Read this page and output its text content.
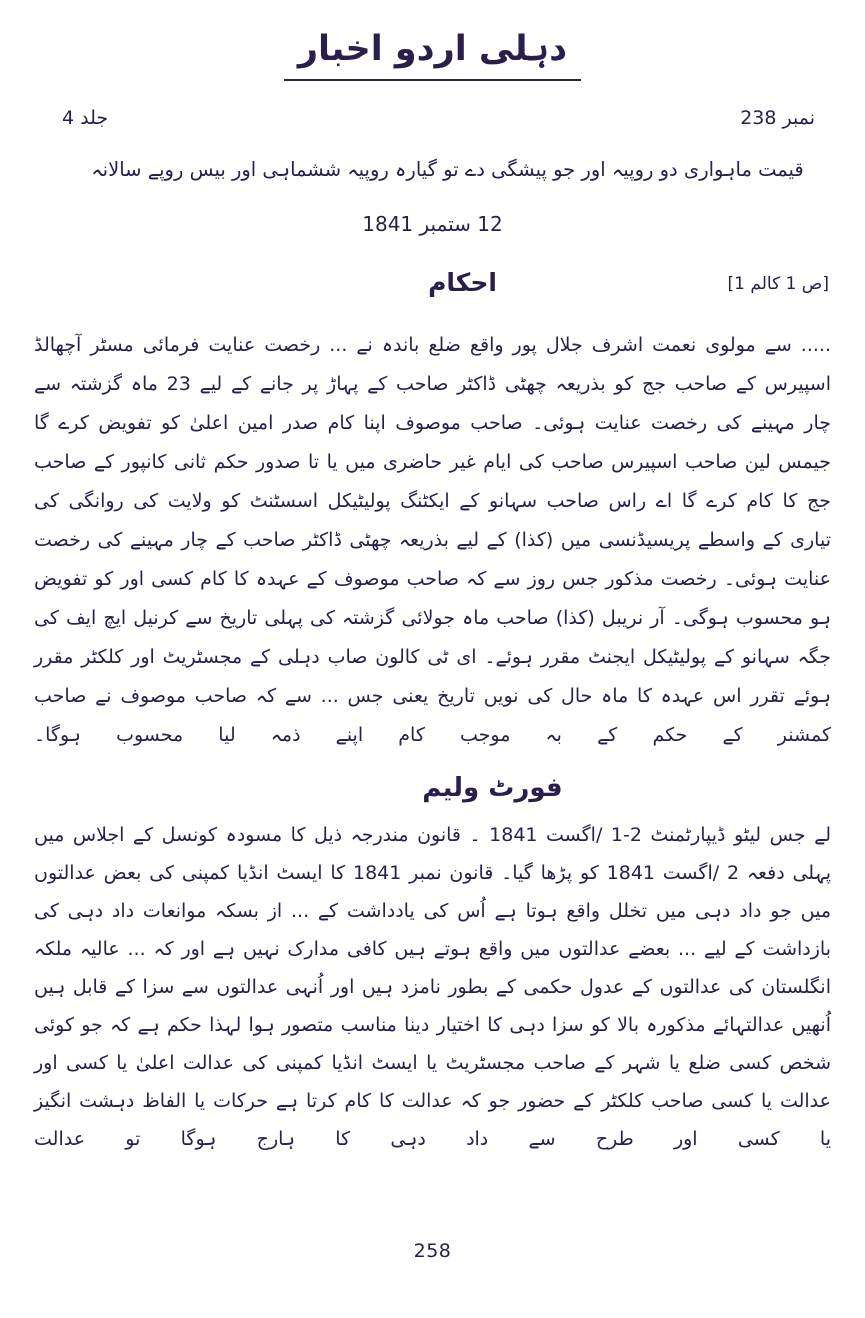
دہلی اردو اخبار
جلد 4	نمبر 238
قیمت ماہواری دو روپیہ اور جو پیشگی دے تو گیارہ روپیہ ششماہی اور بیس روپے سالانہ
12 ستمبر 1841
احکام	[ص 1 کالم 1]
..... سے مولوی نعمت اشرف جلال پور واقع ضلع باندہ نے ... رخصت عنایت فرمائی مسٹر آچھالڈ اسپیرس کے صاحب جج کو بذریعہ چھٹی ڈاکٹر صاحب کے پہاڑ پر جانے کے لیے 23 ماہ گزشتہ سے چار مہینے کی رخصت عنایت ہوئی۔ صاحب موصوف اپنا کام صدر امین اعلیٰ کو تفویض کرے گا جیمس لین صاحب اسپیرس صاحب کی ایام غیر حاضری میں یا تا صدور حکم ثانی کانپور کے صاحب جج کا کام کرے گا اے راس صاحب سہانو کے ایکٹنگ پولیٹیکل اسسٹنٹ کو ولایت کی روانگی کی تیاری کے واسطے پریسیڈنسی میں (کذا) کے لیے بذریعہ چھٹی ڈاکٹر صاحب کے چار مہینے کی رخصت عنایت ہوئی۔ رخصت مذکور جس روز سے کہ صاحب موصوف کے عہدہ کا کام کسی اور کو تفویض ہو محسوب ہوگی۔ آر نریبل (کذا) صاحب ماہ جولائی گزشتہ کی پہلی تاریخ سے کرنیل ایچ ایف کی جگہ سہانو کے پولیٹیکل ایجنٹ مقرر ہوئے۔ ای ٹی کالون صاب دہلی کے مجسٹریٹ اور کلکٹر مقرر ہوئے تقرر اس عہدہ کا ماہ حال کی نویں تاریخ یعنی جس ... سے کہ صاحب موصوف نے صاحب کمشنر کے حکم کے بہ موجب کام اپنے ذمہ لیا محسوب ہوگا۔
فورٹ ولیم
لے جس لیٹو ڈیپارٹمنٹ 2-1 /اگست 1841 ۔ قانون مندرجہ ذیل کا مسودہ کونسل کے اجلاس میں پہلی دفعہ 2 /اگست 1841 کو پڑھا گیا۔ قانون نمبر 1841 کا ایسٹ انڈیا کمپنی کی بعض عدالتوں میں جو داد دہی میں تخلل واقع ہوتا ہے اُس کی یادداشت کے ... از بسکہ موانعات داد دہی کی بازداشت کے لیے ... بعضے عدالتوں میں واقع ہوتے ہیں کافی مدارک نہیں ہے اور کہ ... عالیہ ملکہ انگلستان کی عدالتوں کے عدول حکمی کے بطور نامزد ہیں اور اُنہی عدالتوں سے سزا کے قابل ہیں اُنھیں عدالتہائے مذکورہ بالا کو سزا دہی کا اختیار دینا مناسب متصور ہوا لہذا حکم ہے کہ جو کوئی شخص کسی ضلع یا شہر کے صاحب مجسٹریٹ یا ایسٹ انڈیا کمپنی کی عدالت اعلیٰ یا کسی اور عدالت یا کسی صاحب کلکٹر کے حضور جو کہ عدالت کا کام کرتا ہے حرکات یا الفاظ دہشت انگیز یا کسی اور طرح سے داد دہی کا ہارج ہوگا تو عدالت
258
